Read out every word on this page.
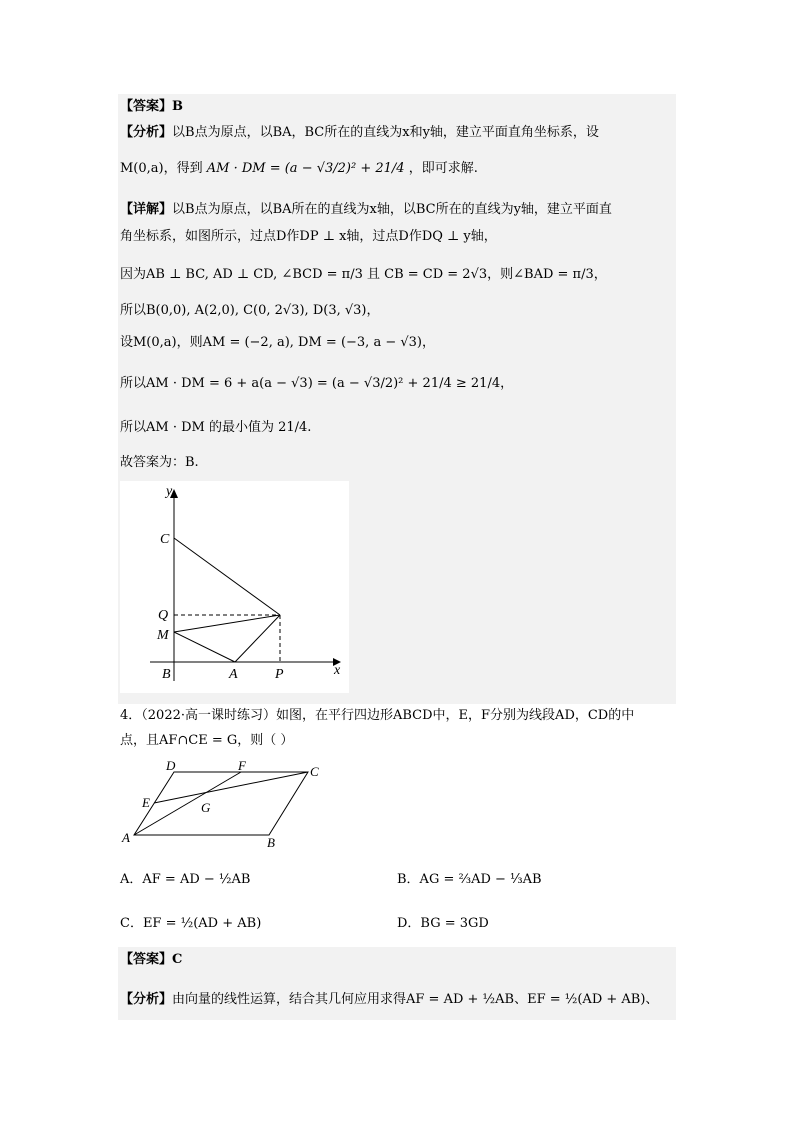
【答案】B
【分析】以B点为原点，以BA，BC所在的直线为x和y轴，建立平面直角坐标系，设
M(0,a)，得到 AM · DM = (a − √3/2)² + 21/4 ，即可求解.
【详解】以B点为原点，以BA所在的直线为x轴，以BC所在的直线为y轴，建立平面直
角坐标系，如图所示，过点D作DP ⊥ x轴，过点D作DQ ⊥ y轴，
因为AB ⊥ BC, AD ⊥ CD, ∠BCD = π/3 且 CB = CD = 2√3，则∠BAD = π/3，
所以B(0,0), A(2,0), C(0, 2√3), D(3, √3)，
设M(0,a)，则AM = (−2, a), DM = (−3, a − √3)，
所以AM · DM = 6 + a(a − √3) = (a − √3/2)² + 21/4 ≥ 21/4，
所以AM · DM 的最小值为 21/4.
故答案为：B.
y
x
C
Q
M
B	A	P
4．（2022·高一课时练习）如图，在平行四边形ABCD中，E，F分别为线段AD，CD的中
点，且AF∩CE = G，则（ ）
D	F	C
E	G
A	B
A．AF = AD − ½AB	B．AG = ⅔AD − ⅓AB
C．EF = ½(AD + AB)	D．BG = 3GD
【答案】C
【分析】由向量的线性运算，结合其几何应用求得AF = AD + ½AB、EF = ½(AD + AB)、
